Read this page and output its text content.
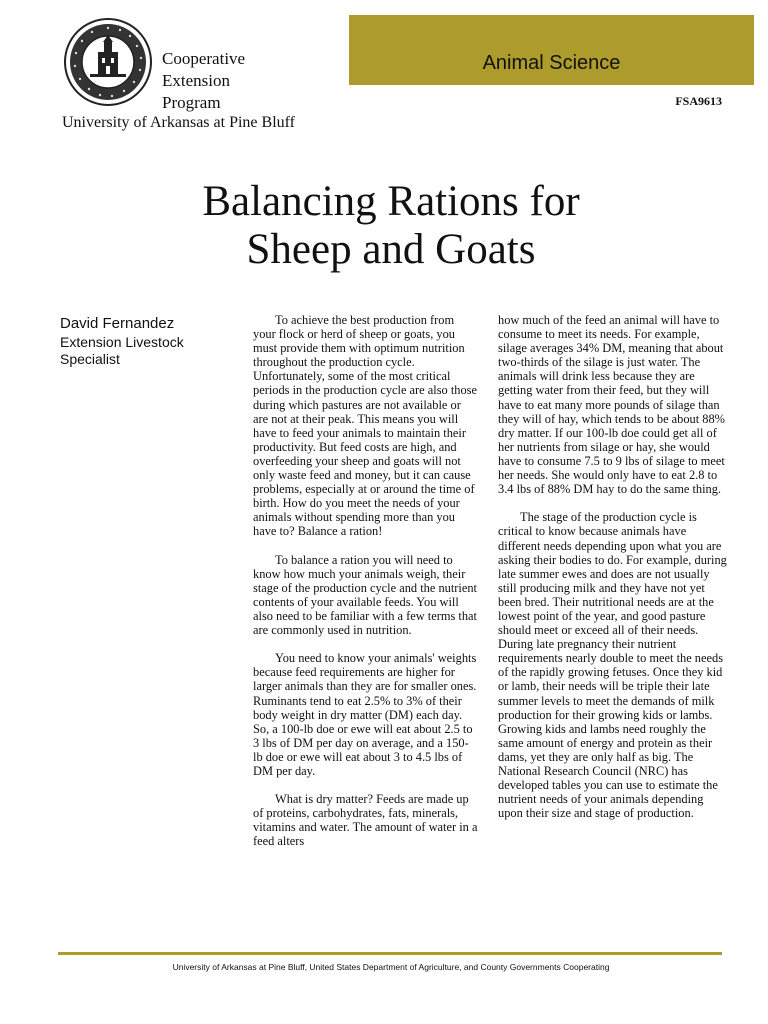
Cooperative
Extension
Program
University of Arkansas at Pine Bluff
Animal Science
FSA9613
Balancing Rations for
Sheep and Goats
David Fernandez
Extension Livestock Specialist

To achieve the best production from your flock or herd of sheep or goats, you must provide them with optimum nutrition throughout the production cycle. Unfortunately, some of the most critical periods in the production cycle are also those during which pastures are not available or are not at their peak. This means you will have to feed your animals to maintain their productivity. But feed costs are high, and overfeeding your sheep and goats will not only waste feed and money, but it can cause problems, especially at or around the time of birth. How do you meet the needs of your animals without spending more than you have to? Balance a ration!

To balance a ration you will need to know how much your animals weigh, their stage of the production cycle and the nutrient contents of your available feeds. You will also need to be familiar with a few terms that are commonly used in nutrition.

You need to know your animals' weights because feed requirements are higher for larger animals than they are for smaller ones. Ruminants tend to eat 2.5% to 3% of their body weight in dry matter (DM) each day. So, a 100-lb doe or ewe will eat about 2.5 to 3 lbs of DM per day on average, and a 150-lb doe or ewe will eat about 3 to 4.5 lbs of DM per day.

What is dry matter? Feeds are made up of proteins, carbohydrates, fats, minerals, vitamins and water. The amount of water in a feed alters

how much of the feed an animal will have to consume to meet its needs. For example, silage averages 34% DM, meaning that about two-thirds of the silage is just water. The animals will drink less because they are getting water from their feed, but they will have to eat many more pounds of silage than they will of hay, which tends to be about 88% dry matter. If our 100-lb doe could get all of her nutrients from silage or hay, she would have to consume 7.5 to 9 lbs of silage to meet her needs. She would only have to eat 2.8 to 3.4 lbs of 88% DM hay to do the same thing.

The stage of the production cycle is critical to know because animals have different needs depending upon what you are asking their bodies to do. For example, during late summer ewes and does are not usually still producing milk and they have not yet been bred. Their nutritional needs are at the lowest point of the year, and good pasture should meet or exceed all of their needs. During late pregnancy their nutrient requirements nearly double to meet the needs of the rapidly growing fetuses. Once they kid or lamb, their needs will be triple their late summer levels to meet the demands of milk production for their growing kids or lambs. Growing kids and lambs need roughly the same amount of energy and protein as their dams, yet they are only half as big. The National Research Council (NRC) has developed tables you can use to estimate the nutrient needs of your animals depending upon their size and stage of production.

University of Arkansas at Pine Bluff, United States Department of Agriculture, and County Governments Cooperating
